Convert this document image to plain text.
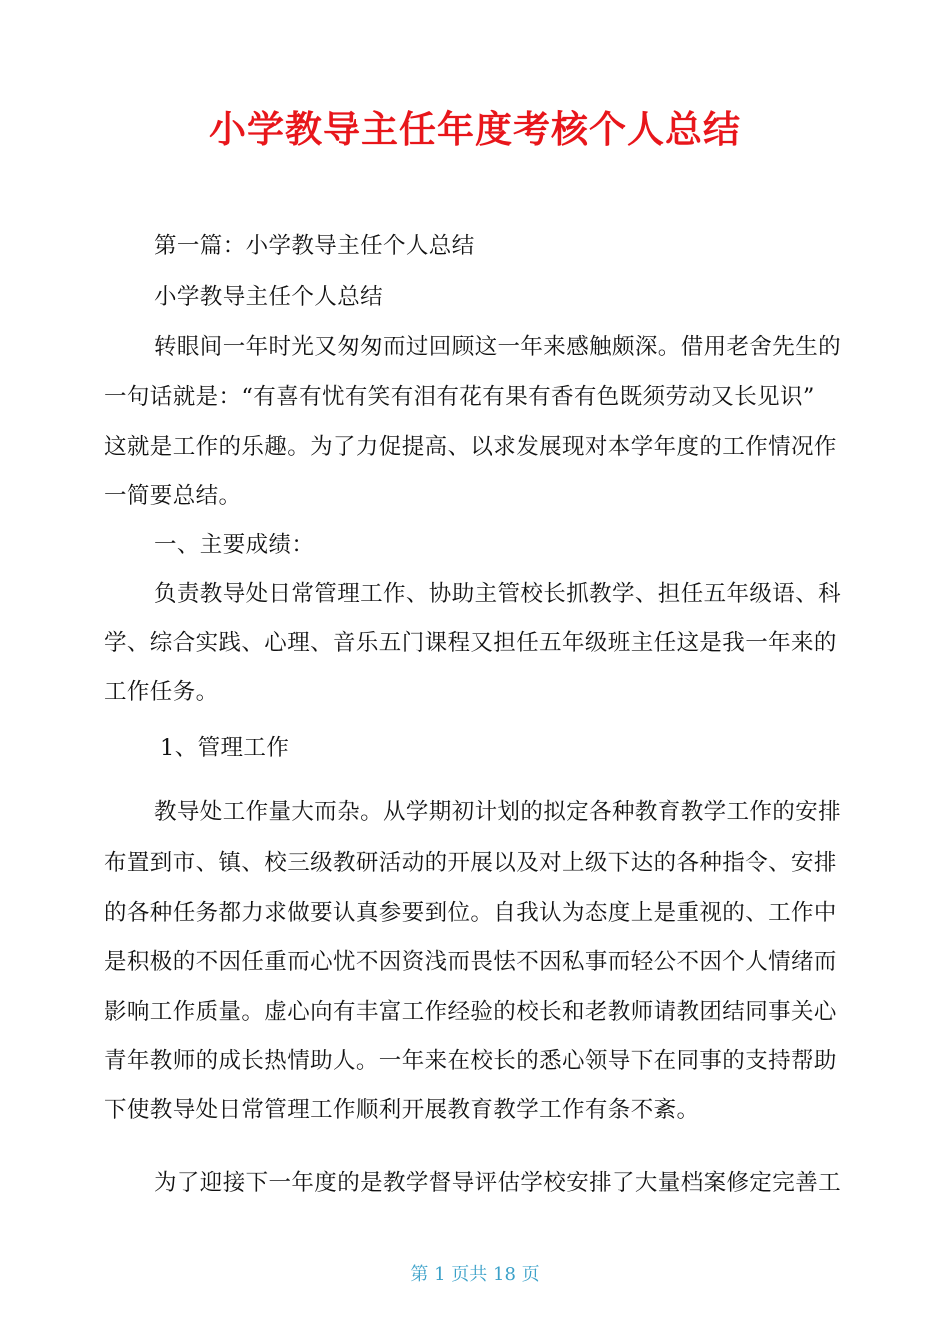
小学教导主任年度考核个人总结
第一篇：小学教导主任个人总结
小学教导主任个人总结
转眼间一年时光又匆匆而过回顾这一年来感触颇深。借用老舍先生的
一句话就是：“有喜有忧有笑有泪有花有果有香有色既须劳动又长见识”
这就是工作的乐趣。为了力促提高、以求发展现对本学年度的工作情况作
一简要总结。
一、主要成绩：
负责教导处日常管理工作、协助主管校长抓教学、担任五年级语、科
学、综合实践、心理、音乐五门课程又担任五年级班主任这是我一年来的
工作任务。
1、管理工作
教导处工作量大而杂。从学期初计划的拟定各种教育教学工作的安排
布置到市、镇、校三级教研活动的开展以及对上级下达的各种指令、安排
的各种任务都力求做要认真参要到位。自我认为态度上是重视的、工作中
是积极的不因任重而心忧不因资浅而畏怯不因私事而轻公不因个人情绪而
影响工作质量。虚心向有丰富工作经验的校长和老教师请教团结同事关心
青年教师的成长热情助人。一年来在校长的悉心领导下在同事的支持帮助
下使教导处日常管理工作顺利开展教育教学工作有条不紊。
为了迎接下一年度的是教学督导评估学校安排了大量档案修定完善工
第 1 页共 18 页
